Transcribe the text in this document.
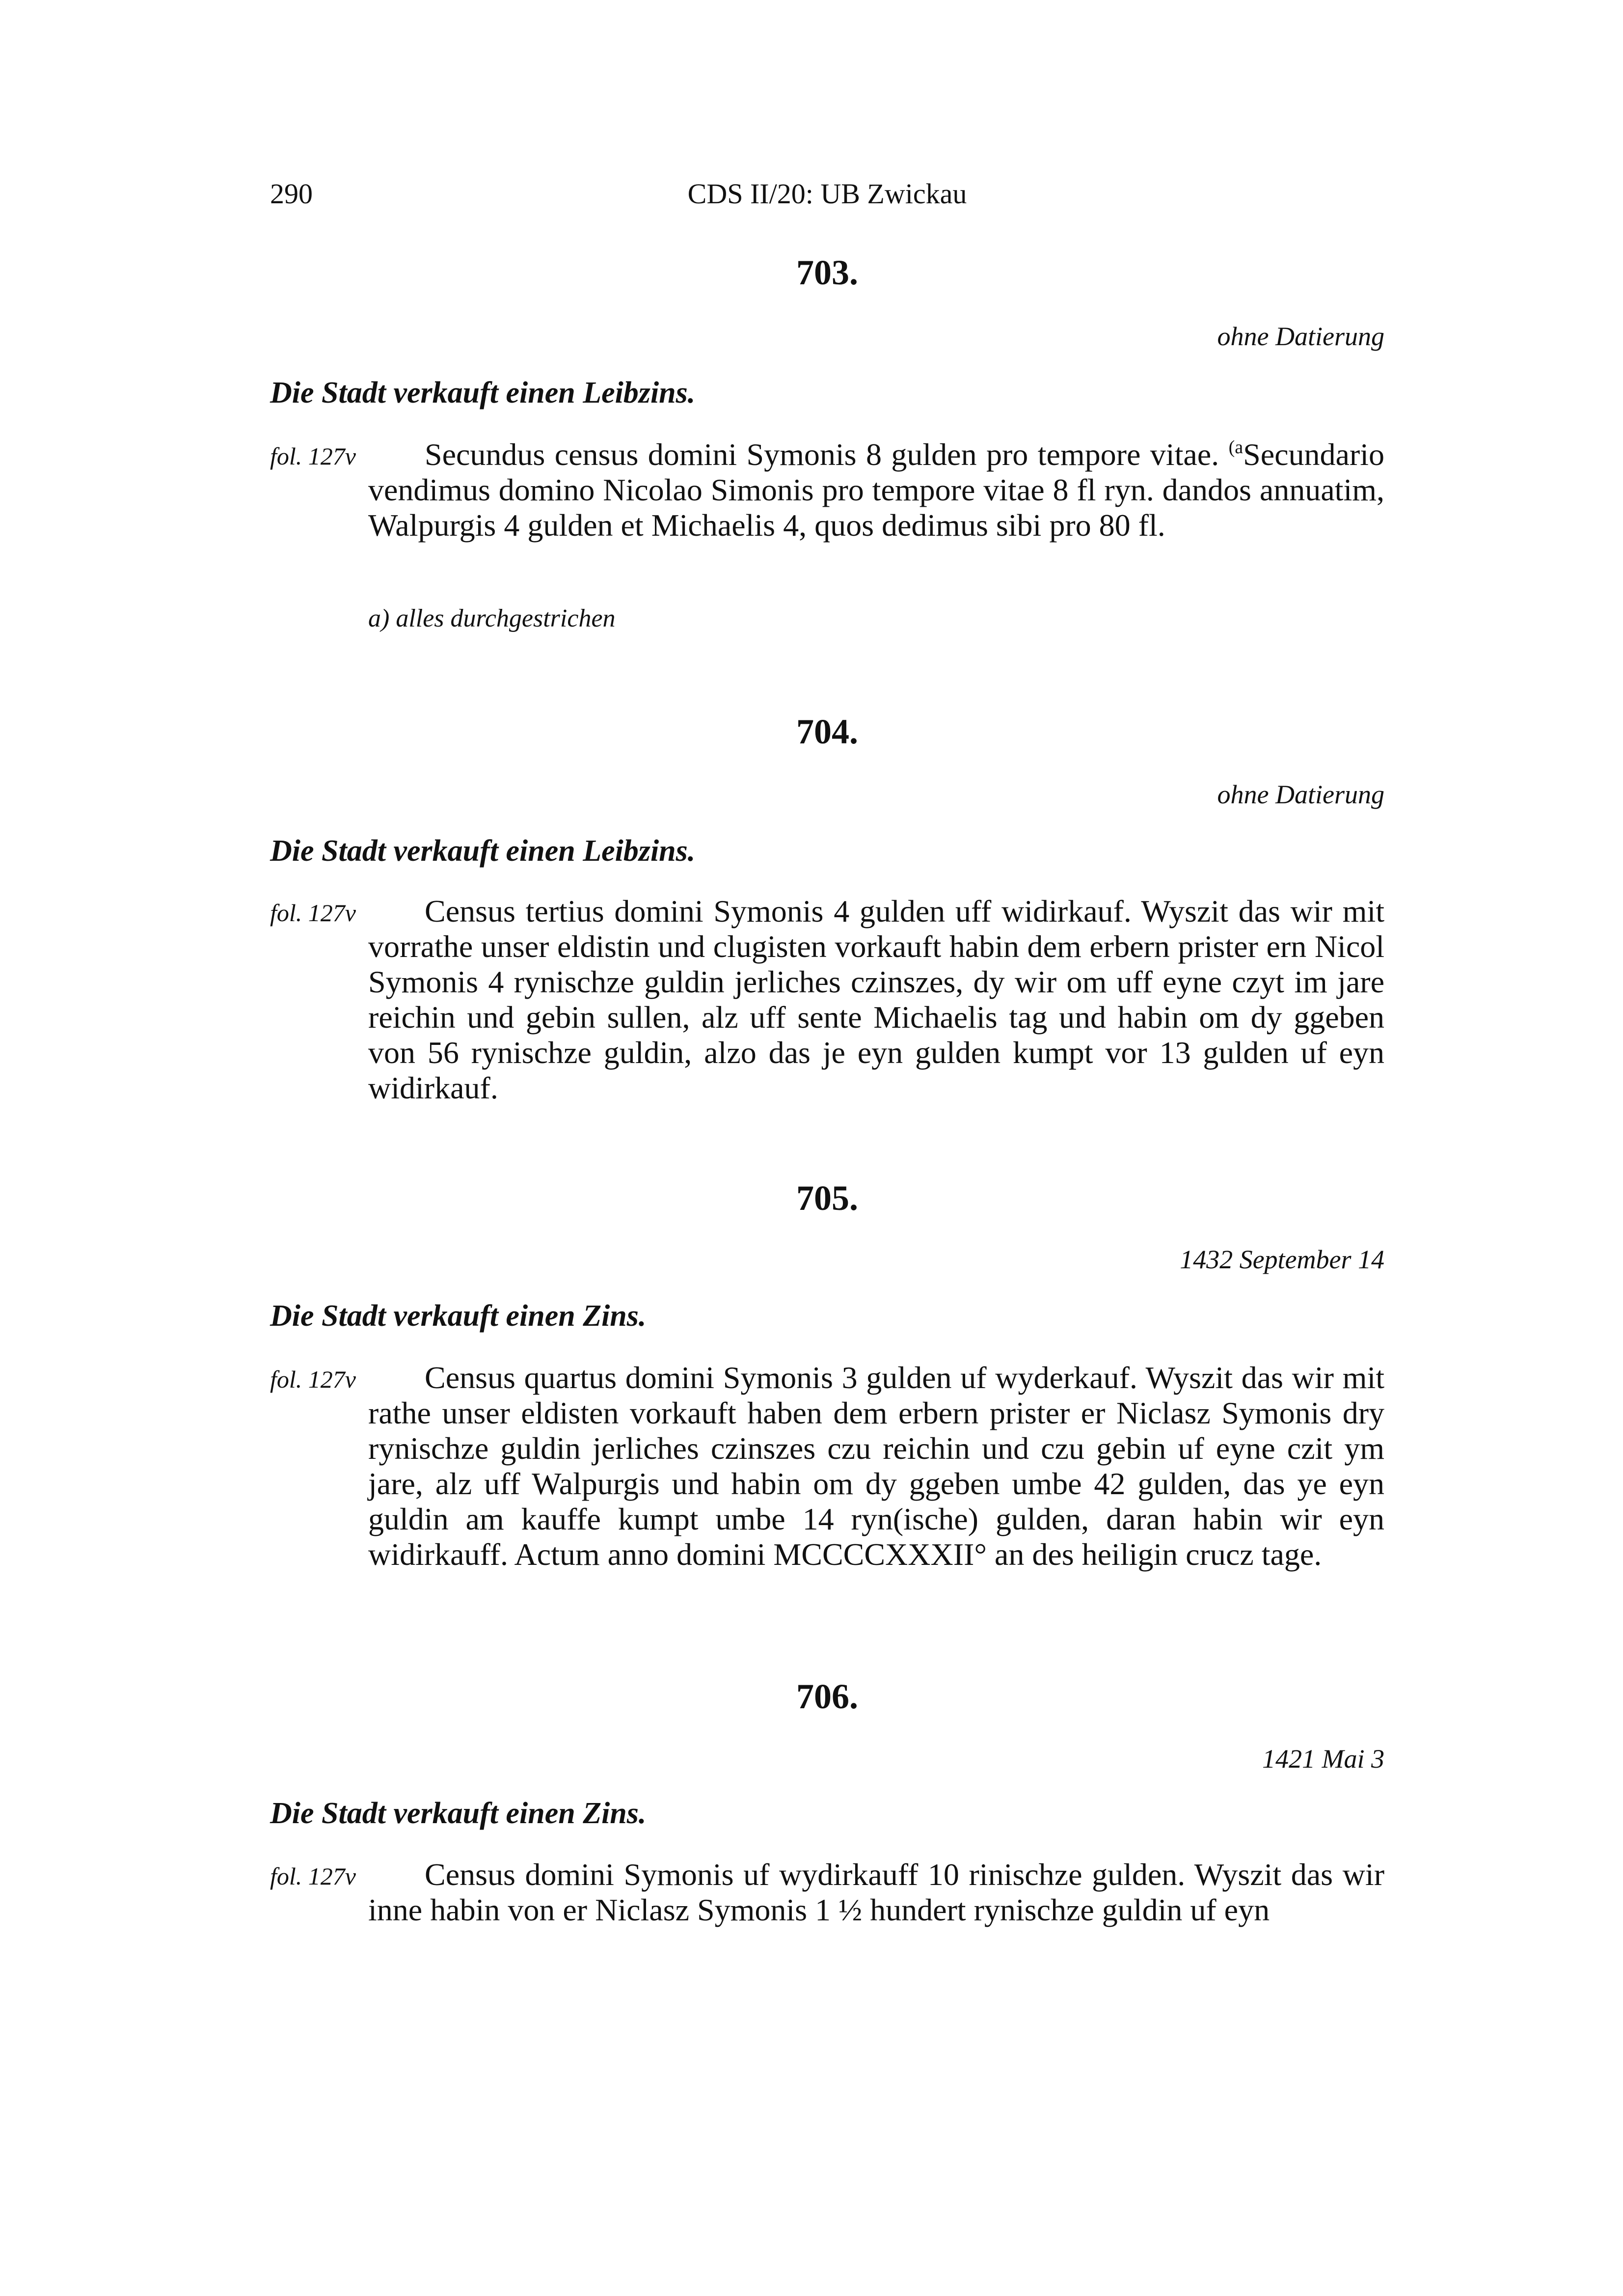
290	CDS II/20: UB Zwickau
703.
ohne Datierung
Die Stadt verkauft einen Leibzins.
fol. 127v	Secundus census domini Symonis 8 gulden pro tempore vitae. $^{(a}$Secundario vendimus domino Nicolao Simonis pro tempore vitae 8 fl ryn. dandos annuatim, Walpurgis 4 gulden et Michaelis 4, quos dedimus sibi pro 80 fl.
a) alles durchgestrichen
704.
ohne Datierung
Die Stadt verkauft einen Leibzins.
fol. 127v	Census tertius domini Symonis 4 gulden uff widirkauf. Wyszit das wir mit vorrathe unser eldistin und clugisten vorkauft habin dem erbern prister ern Nicol Symonis 4 rynischze guldin jerliches czinszes, dy wir om uff eyne czyt im jare reichin und gebin sullen, alz uff sente Michaelis tag und habin om dy ggeben von 56 rynischze guldin, alzo das je eyn gulden kumpt vor 13 gulden uf eyn widirkauf.
705.
1432 September 14
Die Stadt verkauft einen Zins.
fol. 127v	Census quartus domini Symonis 3 gulden uf wyderkauf. Wyszit das wir mit rathe unser eldisten vorkauft haben dem erbern prister er Niclasz Symonis dry rynischze guldin jerliches czinszes czu reichin und czu gebin uf eyne czit ym jare, alz uff Walpurgis und habin om dy ggeben umbe 42 gulden, das ye eyn guldin am kauffe kumpt umbe 14 ryn(ische) gulden, daran habin wir eyn widirkauff. Actum anno domini MCCCCXXXII° an des heiligin crucz tage.
706.
1421 Mai 3
Die Stadt verkauft einen Zins.
fol. 127v	Census domini Symonis uf wydirkauff 10 rinischze gulden. Wyszit das wir inne habin von er Niclasz Symonis 1 ½ hundert rynischze guldin uf eyn
